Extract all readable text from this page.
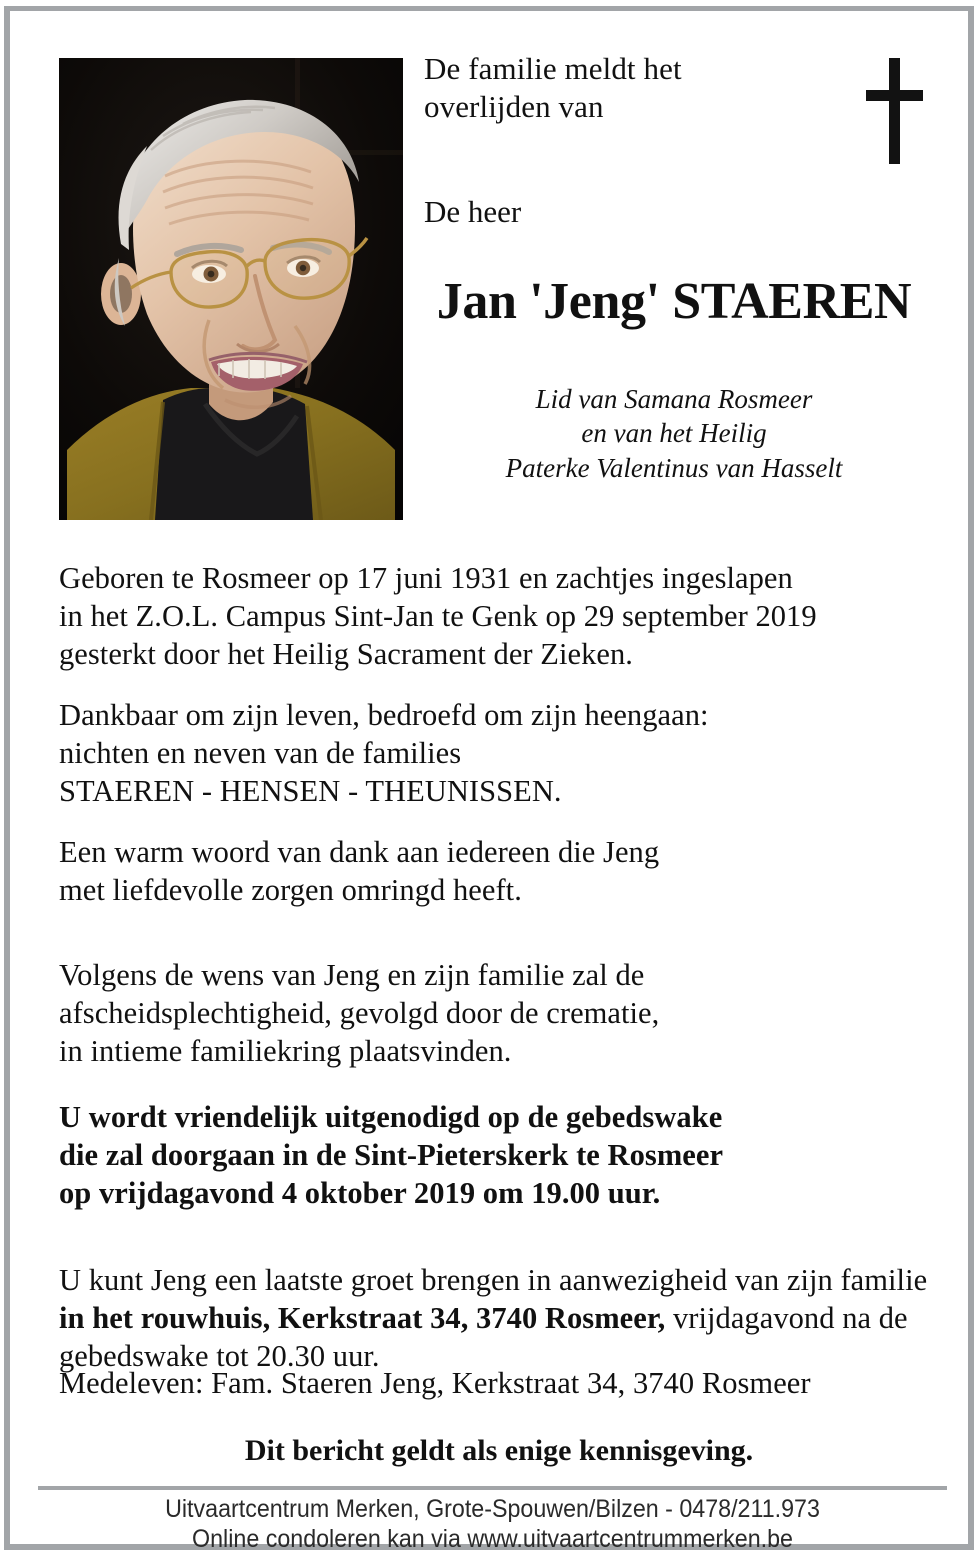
De familie meldt het
overlijden van
De heer
Jan 'Jeng' STAEREN
Lid van Samana Rosmeer
en van het Heilig
Paterke Valentinus van Hasselt
Geboren te Rosmeer op 17 juni 1931 en zachtjes ingeslapen
in het Z.O.L. Campus Sint-Jan te Genk op 29 september 2019
gesterkt door het Heilig Sacrament der Zieken.
Dankbaar om zijn leven, bedroefd om zijn heengaan:
nichten en neven van de families
STAEREN - HENSEN - THEUNISSEN.
Een warm woord van dank aan iedereen die Jeng
met liefdevolle zorgen omringd heeft.
Volgens de wens van Jeng en zijn familie zal de
afscheidsplechtigheid, gevolgd door de crematie,
in intieme familiekring plaatsvinden.
U wordt vriendelijk uitgenodigd op de gebedswake
die zal doorgaan in de Sint-Pieterskerk te Rosmeer
op vrijdagavond 4 oktober 2019 om 19.00 uur.

U kunt Jeng een laatste groet brengen in aanwezigheid van zijn familie in het rouwhuis, Kerkstraat 34, 3740 Rosmeer, vrijdagavond na de gebedswake tot 20.30 uur.

Medeleven: Fam. Staeren Jeng, Kerkstraat 34, 3740 Rosmeer
Dit bericht geldt als enige kennisgeving.
Uitvaartcentrum Merken, Grote-Spouwen/Bilzen - 0478/211.973
Online condoleren kan via www.uitvaartcentrummerken.be
